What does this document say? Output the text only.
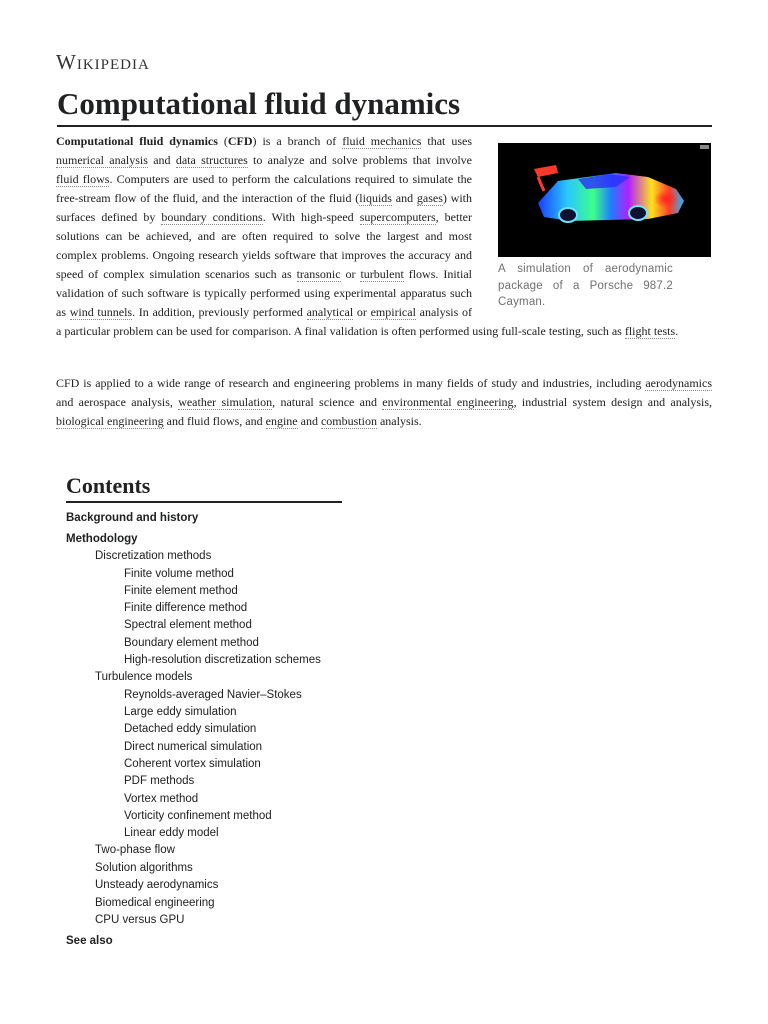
Wikipedia
Computational fluid dynamics

A simulation of aerodynamic package of a Porsche 987.2 Cayman.
Computational fluid dynamics (CFD) is a branch of fluid mechanics that uses numerical analysis and data structures to analyze and solve problems that involve fluid flows. Computers are used to perform the calculations required to simulate the free-stream flow of the fluid, and the interaction of the fluid (liquids and gases) with surfaces defined by boundary conditions. With high-speed supercomputers, better solutions can be achieved, and are often required to solve the largest and most complex problems. Ongoing research yields software that improves the accuracy and speed of complex simulation scenarios such as transonic or turbulent flows. Initial validation of such software is typically performed using experimental apparatus such as wind tunnels. In addition, previously performed analytical or empirical analysis of a particular problem can be used for comparison. A final validation is often performed using full-scale testing, such as flight tests.

CFD is applied to a wide range of research and engineering problems in many fields of study and industries, including aerodynamics and aerospace analysis, weather simulation, natural science and environmental engineering, industrial system design and analysis, biological engineering and fluid flows, and engine and combustion analysis.

Contents
Background and history
Methodology
Discretization methods
Finite volume method
Finite element method
Finite difference method
Spectral element method
Boundary element method
High-resolution discretization schemes
Turbulence models
Reynolds-averaged Navier–Stokes
Large eddy simulation
Detached eddy simulation
Direct numerical simulation
Coherent vortex simulation
PDF methods
Vortex method
Vorticity confinement method
Linear eddy model
Two-phase flow
Solution algorithms
Unsteady aerodynamics
Biomedical engineering
CPU versus GPU
See also
